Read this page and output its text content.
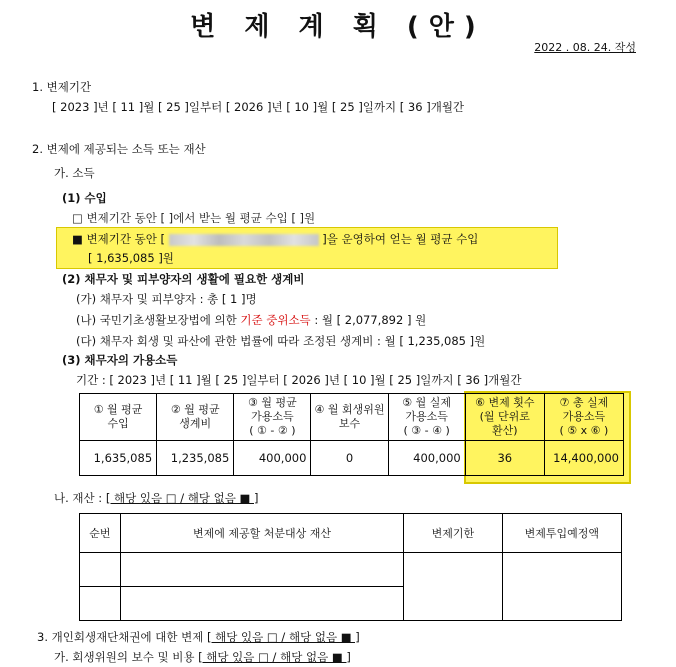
변 제 계 획 (안)
2022 . 08. 24. 작성
1. 변제기간
[ 2023 ]년 [ 11 ]월 [ 25 ]일부터 [ 2026 ]년 [ 10 ]월 [ 25 ]일까지 [ 36 ]개월간
2. 변제에 제공되는 소득 또는 재산
가. 소득
(1) 수입
□ 변제기간 동안 [ ]에서 받는 월 평균 수입 [ ]원
■ 변제기간 동안 [	]을 운영하여 얻는 월 평균 수입
[ 1,635,085 ]원
(2) 채무자 및 피부양자의 생활에 필요한 생계비
(가) 채무자 및 피부양자 : 총 [ 1 ]명
(나) 국민기초생활보장법에 의한 기준 중위소득 : 월 [ 2,077,892 ] 원
(다) 채무자 회생 및 파산에 관한 법률에 따라 조정된 생계비 : 월 [ 1,235,085 ]원
(3) 채무자의 가용소득
기간 : [ 2023 ]년 [ 11 ]월 [ 25 ]일부터 [ 2026 ]년 [ 10 ]월 [ 25 ]일까지 [ 36 ]개월간
① 월 평균
수입	② 월 평균
생계비	③ 월 평균
가용소득
( ① - ② )	④ 월 회생위원
보수	⑤ 월 실제
가용소득
( ③ - ④ )	⑥ 변제 횟수
(월 단위로
환산)	⑦ 총 실제
가용소득
( ⑤ x ⑥ )
1,635,085	1,235,085	400,000	0	400,000	36	14,400,000
나. 재산 : [ 해당 있음 □ / 해당 없음 ■ ]
순번	변제에 제공할 처분대상 재산	변제기한	변제투입예정액

3. 개인회생재단채권에 대한 변제 [ 해당 있음 □ / 해당 없음 ■ ]
가. 회생위원의 보수 및 비용 [ 해당 있음 □ / 해당 없음 ■ ]
